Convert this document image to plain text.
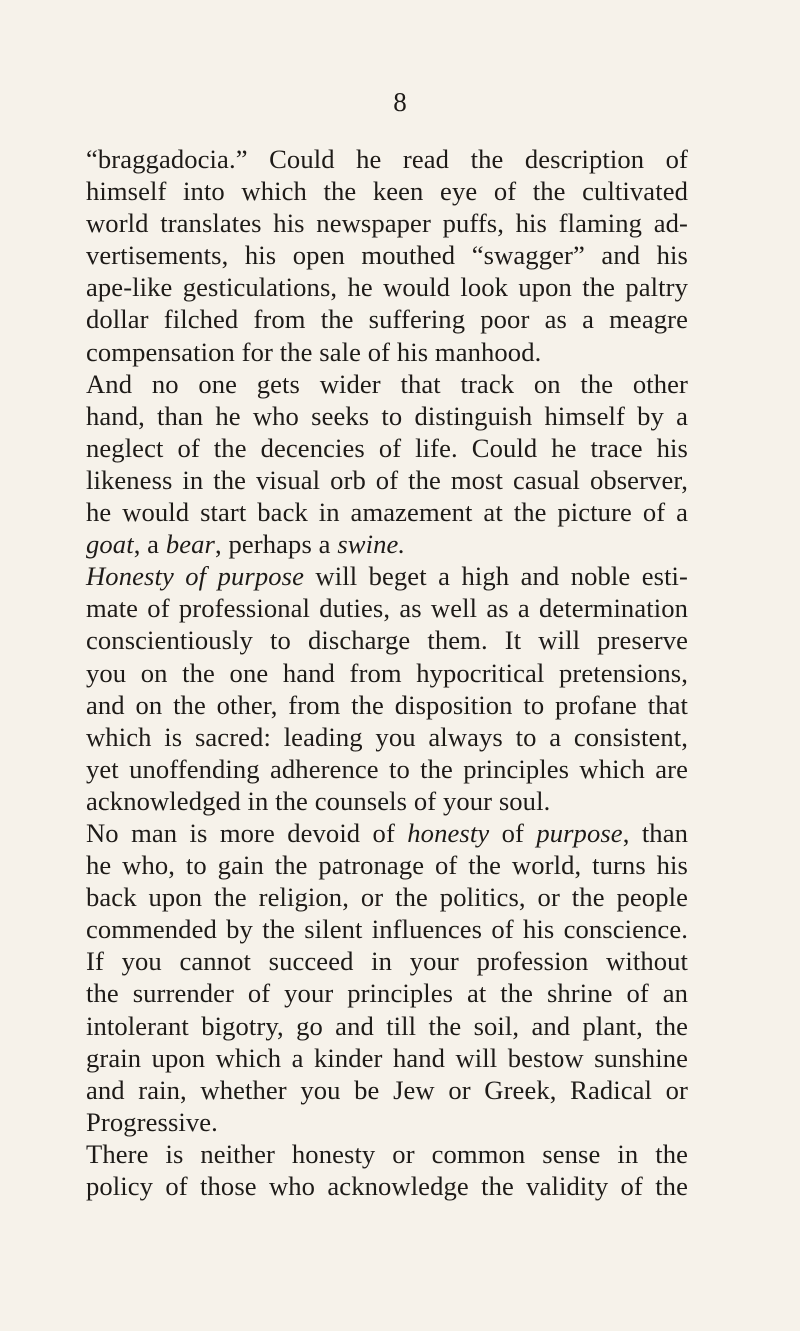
8
“braggadocia.” Could he read the description of
himself into which the keen eye of the cultivated
world translates his newspaper puffs, his flaming ad-
vertisements, his open mouthed “swagger” and his
ape-like gesticulations, he would look upon the paltry
dollar filched from the suffering poor as a meagre
compensation for the sale of his manhood.
And no one gets wider that track on the other
hand, than he who seeks to distinguish himself by a
neglect of the decencies of life. Could he trace his
likeness in the visual orb of the most casual observer,
he would start back in amazement at the picture of a
goat, a bear, perhaps a swine.
Honesty of purpose will beget a high and noble esti-
mate of professional duties, as well as a determination
conscientiously to discharge them. It will preserve
you on the one hand from hypocritical pretensions,
and on the other, from the disposition to profane that
which is sacred: leading you always to a consistent,
yet unoffending adherence to the principles which are
acknowledged in the counsels of your soul.
No man is more devoid of honesty of purpose, than
he who, to gain the patronage of the world, turns his
back upon the religion, or the politics, or the people
commended by the silent influences of his conscience.
If you cannot succeed in your profession without
the surrender of your principles at the shrine of an
intolerant bigotry, go and till the soil, and plant, the
grain upon which a kinder hand will bestow sunshine
and rain, whether you be Jew or Greek, Radical or
Progressive.
There is neither honesty or common sense in the
policy of those who acknowledge the validity of the
